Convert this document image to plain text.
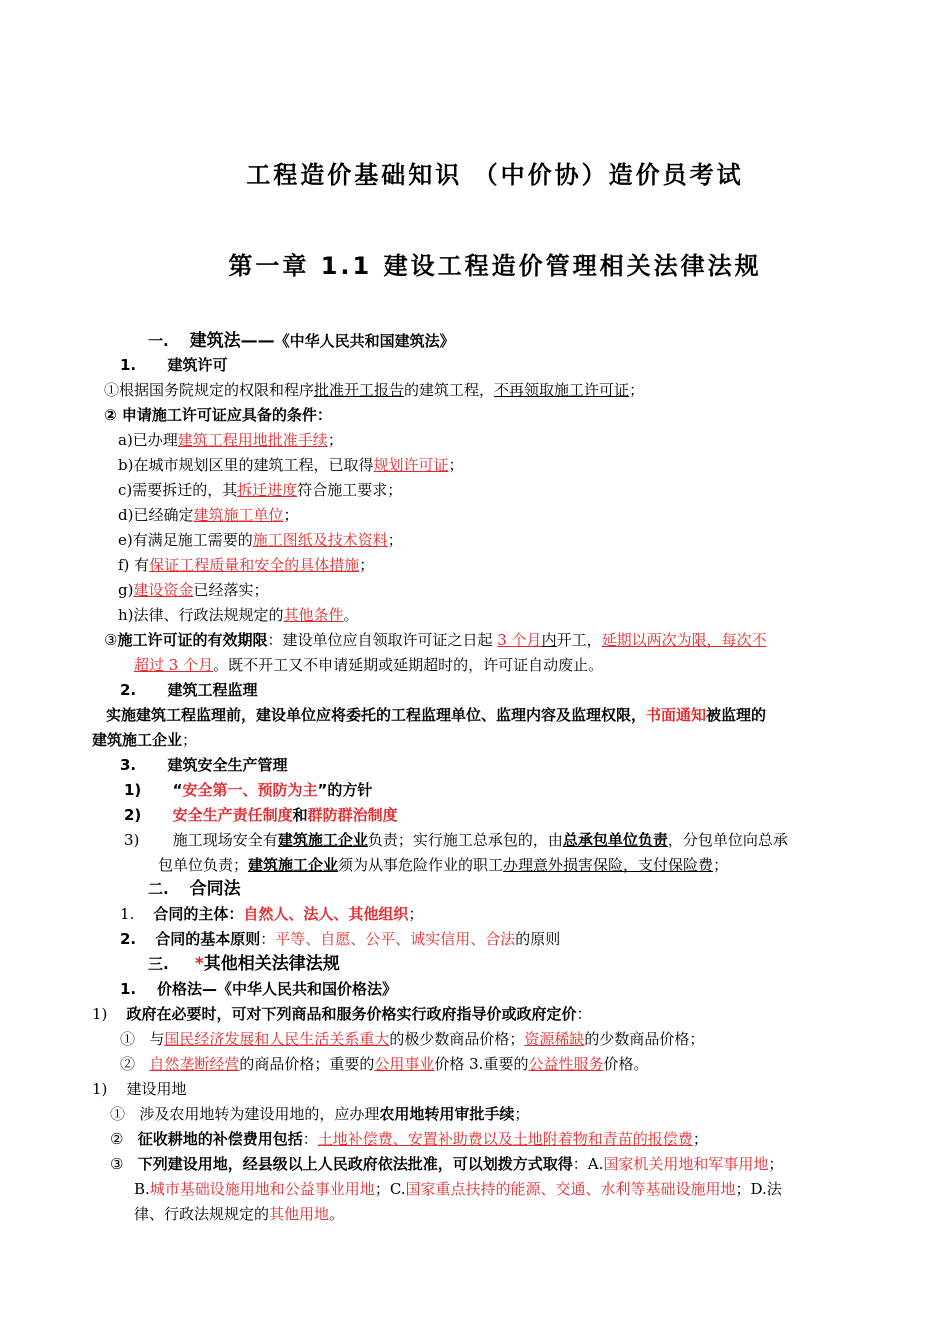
工程造价基础知识 （中价协）造价员考试
第一章 1.1 建设工程造价管理相关法律法规
一. 建筑法——《中华人民共和国建筑法》
1. 建筑许可
①根据国务院规定的权限和程序批准开工报告的建筑工程，不再领取施工许可证；
② 申请施工许可证应具备的条件：
a)已办理建筑工程用地批准手续；
b)在城市规划区里的建筑工程，已取得规划许可证；
c)需要拆迁的，其拆迁进度符合施工要求；
d)已经确定建筑施工单位；
e)有满足施工需要的施工图纸及技术资料；
f) 有保证工程质量和安全的具体措施；
g)建设资金已经落实；
h)法律、行政法规规定的其他条件。
③施工许可证的有效期限：建设单位应自领取许可证之日起 3 个月内开工，延期以两次为限，每次不
超过 3 个月。既不开工又不申请延期或延期超时的，许可证自动废止。
2. 建筑工程监理
实施建筑工程监理前，建设单位应将委托的工程监理单位、监理内容及监理权限，书面通知被监理的
建筑施工企业；
3. 建筑安全生产管理
1) “安全第一、预防为主”的方针
2) 安全生产责任制度和群防群治制度
3) 施工现场安全有建筑施工企业负责；实行施工总承包的，由总承包单位负责，分包单位向总承
包单位负责；建筑施工企业须为从事危险作业的职工办理意外损害保险，支付保险费；
二. 合同法
1. 合同的主体：自然人、法人、其他组织；
2. 合同的基本原则：平等、自愿、公平、诚实信用、合法的原则
三. *其他相关法律法规
1. 价格法—《中华人民共和国价格法》
1) 政府在必要时，可对下列商品和服务价格实行政府指导价或政府定价：
① 与国民经济发展和人民生活关系重大的极少数商品价格；资源稀缺的少数商品价格；
② 自然垄断经营的商品价格；重要的公用事业价格 3.重要的公益性服务价格。
1) 建设用地
① 涉及农用地转为建设用地的，应办理农用地转用审批手续；
② 征收耕地的补偿费用包括：土地补偿费、安置补助费以及土地附着物和青苗的报偿费；
③ 下列建设用地，经县级以上人民政府依法批准，可以划拨方式取得：A.国家机关用地和军事用地；
B.城市基础设施用地和公益事业用地；C.国家重点扶持的能源、交通、水利等基础设施用地；D.法
律、行政法规规定的其他用地。
